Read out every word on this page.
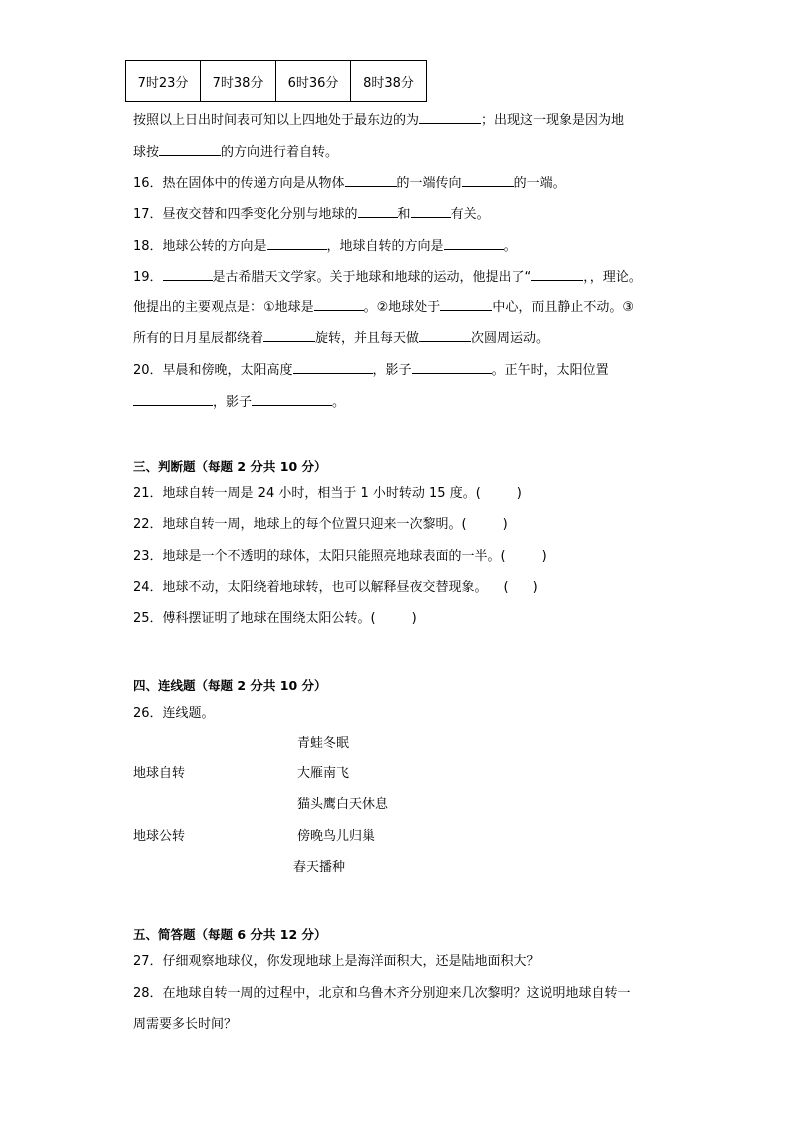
7时23分	7时38分	6时36分	8时38分
按照以上日出时间表可知以上四地处于最东边的为	；出现这一现象是因为地
球按	的方向进行着自转。
16．热在固体中的传递方向是从物体	的一端传向	的一端。
17．昼夜交替和四季变化分别与地球的	和	有关。
18．地球公转的方向是	，地球自转的方向是	。
19．	是古希腊天文学家。关于地球和地球的运动，他提出了“	，，理论。
他提出的主要观点是：①地球是	。②地球处于	中心，而且静止不动。③
所有的日月星辰都绕着	旋转，并且每天做	次圆周运动。
20．早晨和傍晚，太阳高度	，影子	。正午时，太阳位置
，影子	。
三、判断题（每题 2 分共 10 分）
21．地球自转一周是 24 小时，相当于 1 小时转动 15 度。(	)
22．地球自转一周，地球上的每个位置只迎来一次黎明。(	)
23．地球是一个不透明的球体，太阳只能照亮地球表面的一半。(	)
24．地球不动，太阳绕着地球转，也可以解释昼夜交替现象。 ( )
25．傅科摆证明了地球在围绕太阳公转。(	)
四、连线题（每题 2 分共 10 分）
26．连线题。
青蛙冬眠
地球自转	大雁南飞
猫头鹰白天休息
地球公转	傍晚鸟儿归巢
春天播种
五、简答题（每题 6 分共 12 分）
27．仔细观察地球仪，你发现地球上是海洋面积大，还是陆地面积大？
28．在地球自转一周的过程中，北京和乌鲁木齐分别迎来几次黎明？这说明地球自转一
周需要多长时间？
